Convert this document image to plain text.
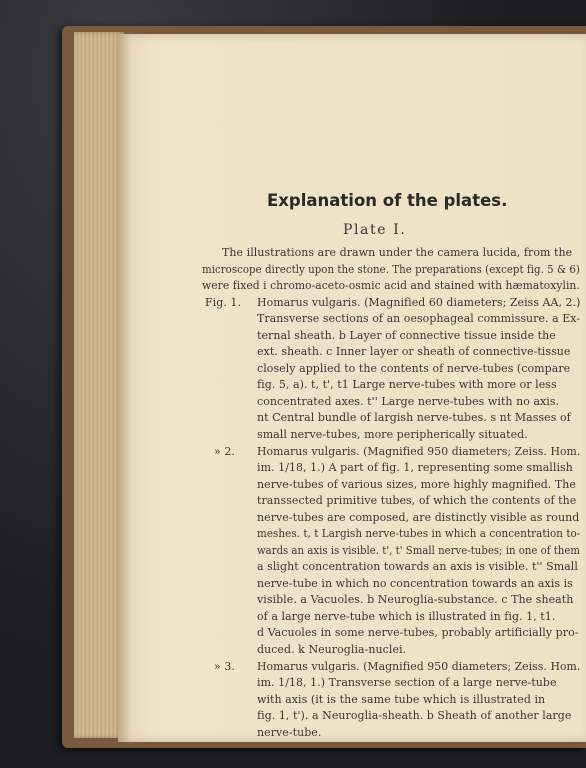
Explanation of the plates.
Plate I.
The illustrations are drawn under the camera lucida, from the
microscope directly upon the stone. The preparations (except fig. 5 & 6)
were fixed i chromo-aceto-osmic acid and stained with hæmatoxylin.
Fig. 1. Homarus vulgaris. (Magnified 60 diameters; Zeiss AA, 2.)
Transverse sections of an oesophageal commissure. a Ex-
ternal sheath. b Layer of connective tissue inside the
ext. sheath. c Inner layer or sheath of connective-tissue
closely applied to the contents of nerve-tubes (compare
fig. 5, a). t, t', t1 Large nerve-tubes with more or less
concentrated axes. t'' Large nerve-tubes with no axis.
nt Central bundle of largish nerve-tubes. s nt Masses of
small nerve-tubes, more peripherically situated.
» 2. Homarus vulgaris. (Magnified 950 diameters; Zeiss. Hom.
im. 1/18, 1.) A part of fig. 1, representing some smallish
nerve-tubes of various sizes, more highly magnified. The
transsected primitive tubes, of which the contents of the
nerve-tubes are composed, are distinctly visible as round
meshes. t, t Largish nerve-tubes in which a concentration to-
wards an axis is visible. t', t' Small nerve-tubes; in one of them
a slight concentration towards an axis is visible. t'' Small
nerve-tube in which no concentration towards an axis is
visible. a Vacuoles. b Neuroglia-substance. c The sheath
of a large nerve-tube which is illustrated in fig. 1, t1.
d Vacuoles in some nerve-tubes, probably artificially pro-
duced. k Neuroglia-nuclei.
» 3. Homarus vulgaris. (Magnified 950 diameters; Zeiss. Hom.
im. 1/18, 1.) Transverse section of a large nerve-tube
with axis (it is the same tube which is illustrated in
fig. 1, t'). a Neuroglia-sheath. b Sheath of another large
nerve-tube.
